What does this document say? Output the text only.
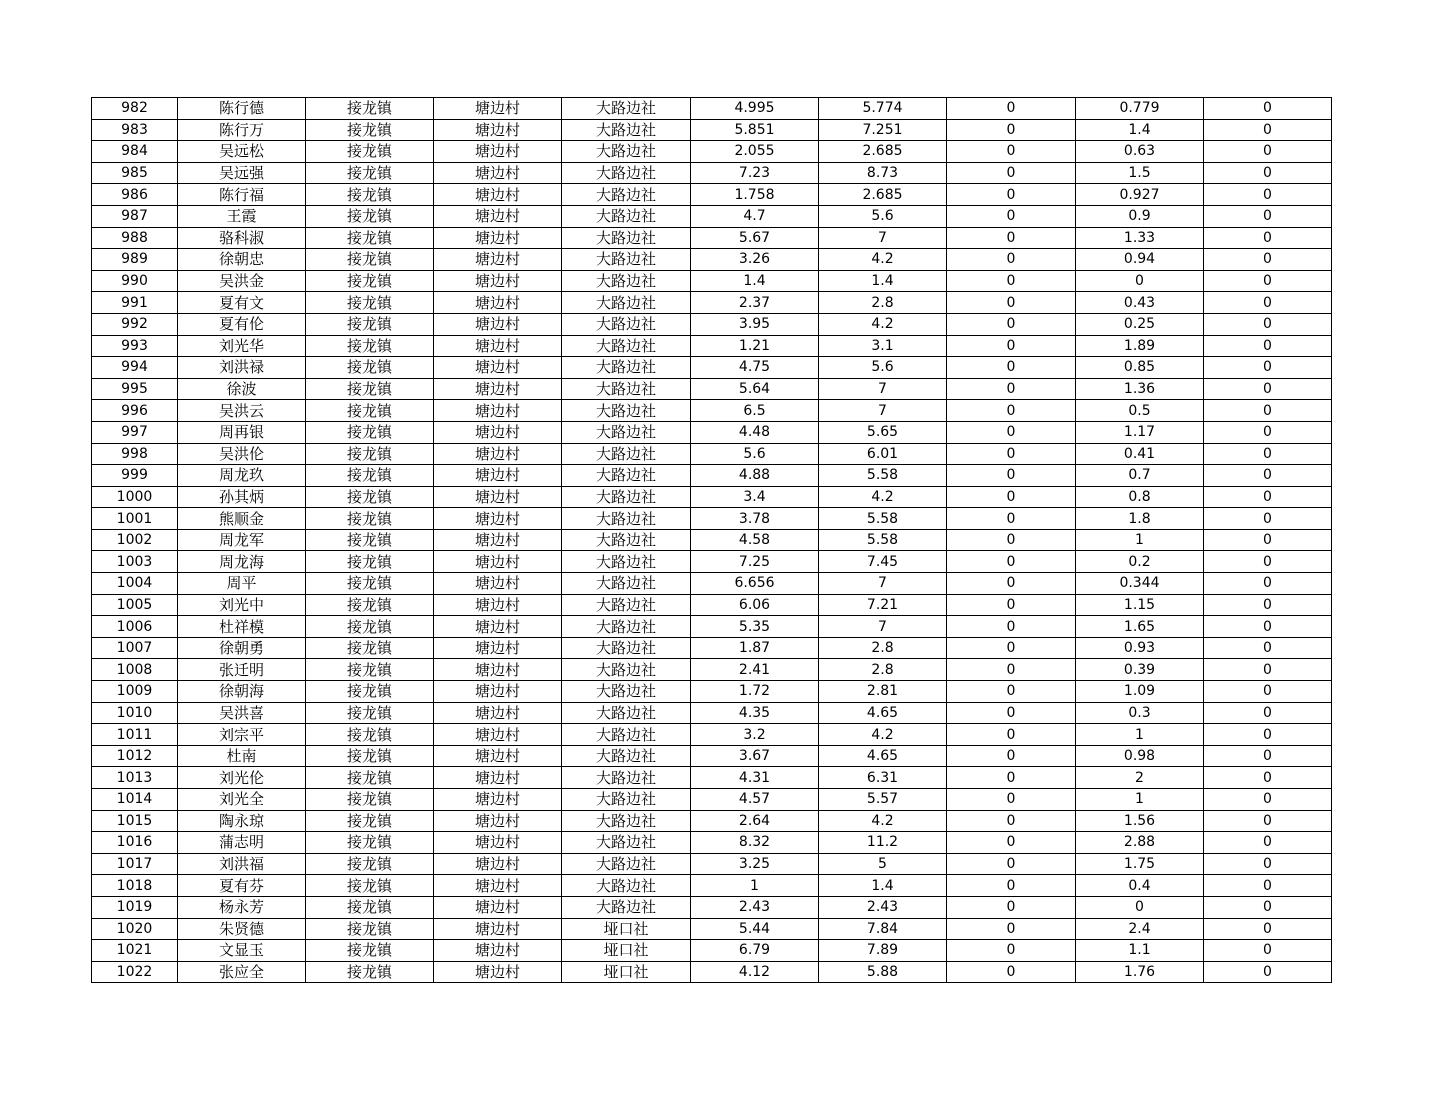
982	陈行德	接龙镇	塘边村	大路边社	4.995	5.774	0	0.779	0
983	陈行万	接龙镇	塘边村	大路边社	5.851	7.251	0	1.4	0
984	吴远松	接龙镇	塘边村	大路边社	2.055	2.685	0	0.63	0
985	吴远强	接龙镇	塘边村	大路边社	7.23	8.73	0	1.5	0
986	陈行福	接龙镇	塘边村	大路边社	1.758	2.685	0	0.927	0
987	王霞	接龙镇	塘边村	大路边社	4.7	5.6	0	0.9	0
988	骆科淑	接龙镇	塘边村	大路边社	5.67	7	0	1.33	0
989	徐朝忠	接龙镇	塘边村	大路边社	3.26	4.2	0	0.94	0
990	吴洪金	接龙镇	塘边村	大路边社	1.4	1.4	0	0	0
991	夏有文	接龙镇	塘边村	大路边社	2.37	2.8	0	0.43	0
992	夏有伦	接龙镇	塘边村	大路边社	3.95	4.2	0	0.25	0
993	刘光华	接龙镇	塘边村	大路边社	1.21	3.1	0	1.89	0
994	刘洪禄	接龙镇	塘边村	大路边社	4.75	5.6	0	0.85	0
995	徐波	接龙镇	塘边村	大路边社	5.64	7	0	1.36	0
996	吴洪云	接龙镇	塘边村	大路边社	6.5	7	0	0.5	0
997	周再银	接龙镇	塘边村	大路边社	4.48	5.65	0	1.17	0
998	吴洪伦	接龙镇	塘边村	大路边社	5.6	6.01	0	0.41	0
999	周龙玖	接龙镇	塘边村	大路边社	4.88	5.58	0	0.7	0
1000	孙其炳	接龙镇	塘边村	大路边社	3.4	4.2	0	0.8	0
1001	熊顺金	接龙镇	塘边村	大路边社	3.78	5.58	0	1.8	0
1002	周龙军	接龙镇	塘边村	大路边社	4.58	5.58	0	1	0
1003	周龙海	接龙镇	塘边村	大路边社	7.25	7.45	0	0.2	0
1004	周平	接龙镇	塘边村	大路边社	6.656	7	0	0.344	0
1005	刘光中	接龙镇	塘边村	大路边社	6.06	7.21	0	1.15	0
1006	杜祥模	接龙镇	塘边村	大路边社	5.35	7	0	1.65	0
1007	徐朝勇	接龙镇	塘边村	大路边社	1.87	2.8	0	0.93	0
1008	张迁明	接龙镇	塘边村	大路边社	2.41	2.8	0	0.39	0
1009	徐朝海	接龙镇	塘边村	大路边社	1.72	2.81	0	1.09	0
1010	吴洪喜	接龙镇	塘边村	大路边社	4.35	4.65	0	0.3	0
1011	刘宗平	接龙镇	塘边村	大路边社	3.2	4.2	0	1	0
1012	杜南	接龙镇	塘边村	大路边社	3.67	4.65	0	0.98	0
1013	刘光伦	接龙镇	塘边村	大路边社	4.31	6.31	0	2	0
1014	刘光全	接龙镇	塘边村	大路边社	4.57	5.57	0	1	0
1015	陶永琼	接龙镇	塘边村	大路边社	2.64	4.2	0	1.56	0
1016	蒲志明	接龙镇	塘边村	大路边社	8.32	11.2	0	2.88	0
1017	刘洪福	接龙镇	塘边村	大路边社	3.25	5	0	1.75	0
1018	夏有芬	接龙镇	塘边村	大路边社	1	1.4	0	0.4	0
1019	杨永芳	接龙镇	塘边村	大路边社	2.43	2.43	0	0	0
1020	朱贤德	接龙镇	塘边村	垭口社	5.44	7.84	0	2.4	0
1021	文显玉	接龙镇	塘边村	垭口社	6.79	7.89	0	1.1	0
1022	张应全	接龙镇	塘边村	垭口社	4.12	5.88	0	1.76	0
